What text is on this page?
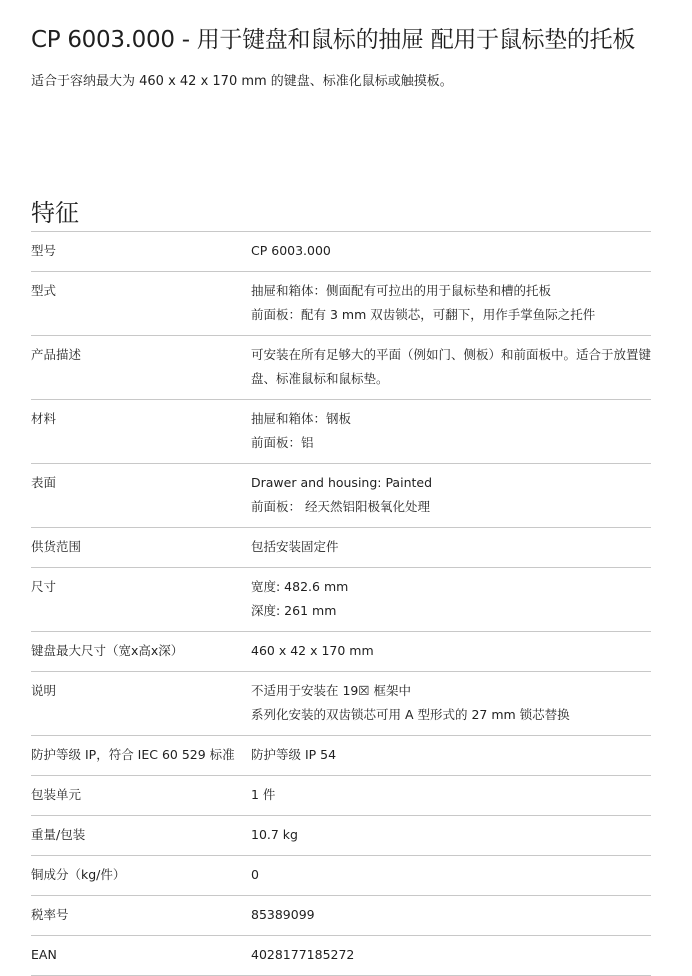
CP 6003.000 - 用于键盘和鼠标的抽屉 配用于鼠标垫的托板
适合于容纳最大为 460 x 42 x 170 mm 的键盘、标准化鼠标或触摸板。
特征
型号	CP 6003.000
型式	抽屉和箱体：侧面配有可拉出的用于鼠标垫和槽的托板
前面板：配有 3 mm 双齿锁芯，可翻下，用作手掌鱼际之托件
产品描述	可安装在所有足够大的平面（例如门、侧板）和前面板中。适合于放置键盘、标准鼠标和鼠标垫。
材料	抽屉和箱体：钢板
前面板：铝
表面	Drawer and housing: Painted
前面板： 经天然铝阳极氧化处理
供货范围	包括安装固定件
尺寸	宽度: 482.6 mm
深度: 261 mm
键盘最大尺寸（宽x高x深）	460 x 42 x 170 mm
说明	不适用于安装在 19☒ 框架中
系列化安装的双齿锁芯可用 A 型形式的 27 mm 锁芯替换
防护等级 IP，符合 IEC 60 529 标准	防护等级 IP 54
包装单元	1 件
重量/包装	10.7 kg
铜成分（kg/件）	0
税率号	85389099
EAN	4028177185272
